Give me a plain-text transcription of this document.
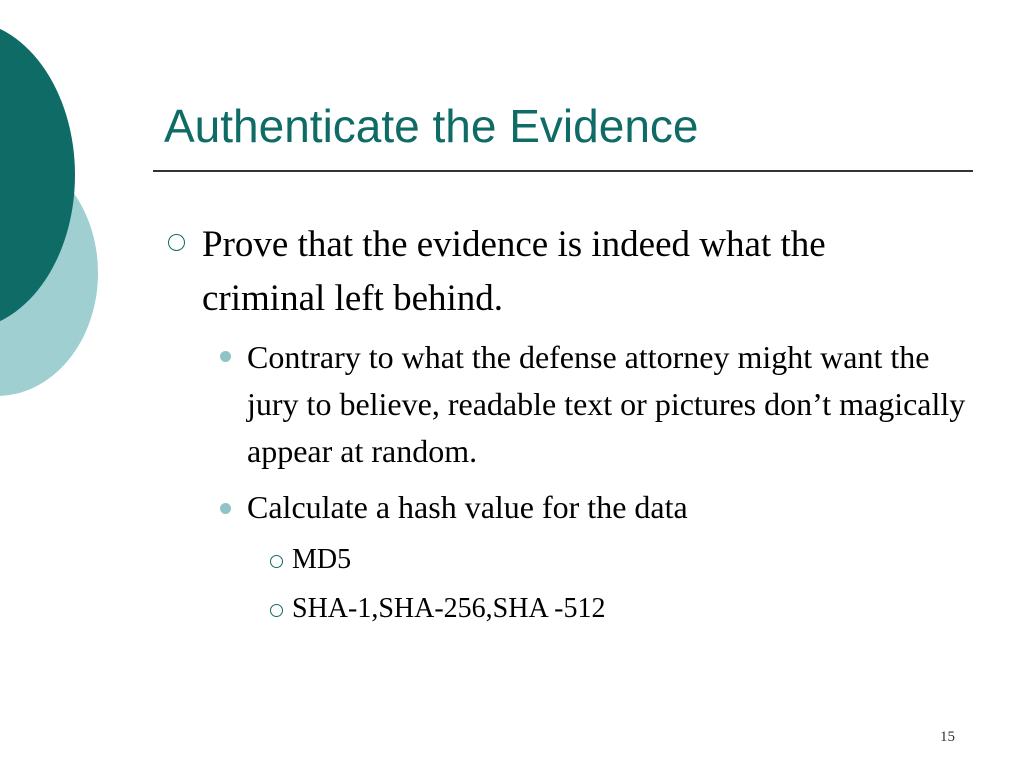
Authenticate the Evidence
Prove that the evidence is indeed what the criminal left behind.
Contrary to what the defense attorney might want the jury to believe, readable text or pictures don’t magically appear at random.
Calculate a hash value for the data
MD5
SHA-1,SHA-256,SHA -512
15
